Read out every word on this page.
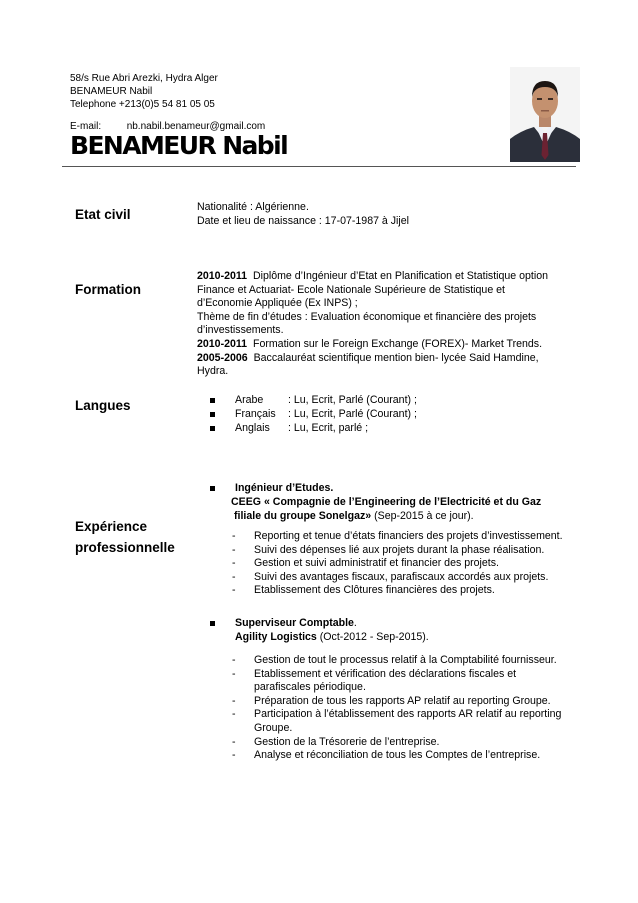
58/s Rue Abri Arezki, Hydra Alger
BENAMEUR Nabil
Telephone +213(0)5 54 81 05 05
E-mail:	nb.nabil.benameur@gmail.com
BENAMEUR Nabil
Etat civil	Nationalité : Algérienne.
Date et lieu de naissance : 17-07-1987 à Jijel
Formation
2010-2011 Diplôme d’Ingénieur d’Etat en Planification et Statistique option
Finance et Actuariat- Ecole Nationale Supérieure de Statistique et
d’Economie Appliquée (Ex INPS) ;
Thème de fin d’études : Evaluation économique et financière des projets
d’investissements.
2010-2011 Formation sur le Foreign Exchange (FOREX)- Market Trends.
2005-2006 Baccalauréat scientifique mention bien- lycée Said Hamdine,
Hydra.
Langues	Arabe : Lu, Ecrit, Parlé (Courant) ;
Français : Lu, Ecrit, Parlé (Courant) ;
Anglais : Lu, Ecrit, parlé ;
Expérience
professionnelle
Ingénieur d’Etudes.
CEEG « Compagnie de l’Engineering de l’Electricité et du Gaz
filiale du groupe Sonelgaz» (Sep-2015 à ce jour).
- Reporting et tenue d’états financiers des projets d’investissement.
- Suivi des dépenses lié aux projets durant la phase réalisation.
- Gestion et suivi administratif et financier des projets.
- Suivi des avantages fiscaux, parafiscaux accordés aux projets.
- Etablissement des Clôtures financières des projets.
Superviseur Comptable.
Agility Logistics (Oct-2012 - Sep-2015).
- Gestion de tout le processus relatif à la Comptabilité fournisseur.
- Etablissement et vérification des déclarations fiscales et
parafiscales périodique.
- Préparation de tous les rapports AP relatif au reporting Groupe.
- Participation à l’établissement des rapports AR relatif au reporting
Groupe.
- Gestion de la Trésorerie de l’entreprise.
- Analyse et réconciliation de tous les Comptes de l’entreprise.
